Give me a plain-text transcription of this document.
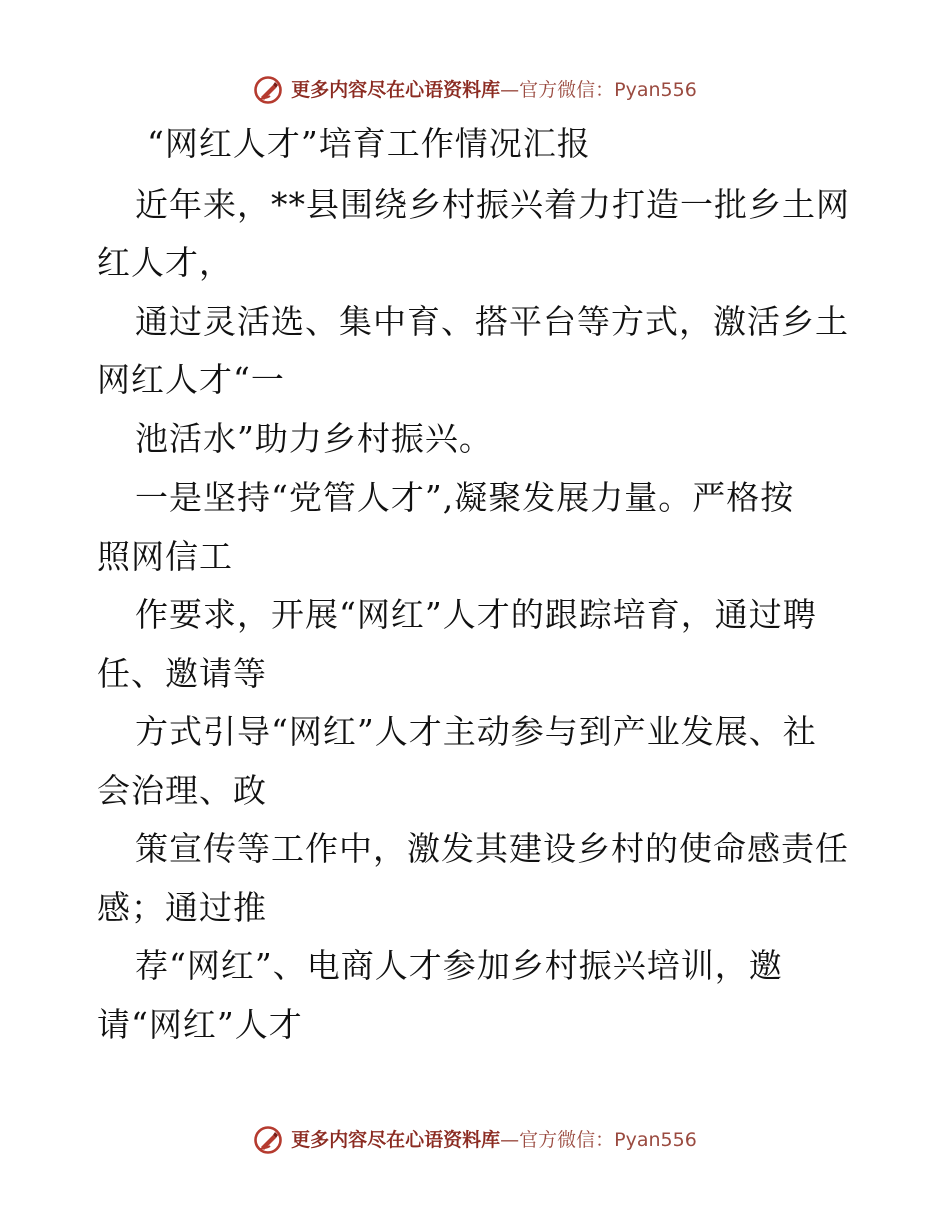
更多内容尽在心语资料库—官方微信：Pyan556
“网红人才”培育工作情况汇报
近年来，**县围绕乡村振兴着力打造一批乡土网
红人才，
通过灵活选、集中育、搭平台等方式，激活乡土
网红人才“一
池活水”助力乡村振兴。
一是坚持“党管人才”,凝聚发展力量。严格按
照网信工
作要求，开展“网红”人才的跟踪培育，通过聘
任、邀请等
方式引导“网红”人才主动参与到产业发展、社
会治理、政
策宣传等工作中，激发其建设乡村的使命感责任
感；通过推
荐“网红”、电商人才参加乡村振兴培训，邀
请“网红”人才
更多内容尽在心语资料库—官方微信：Pyan556
